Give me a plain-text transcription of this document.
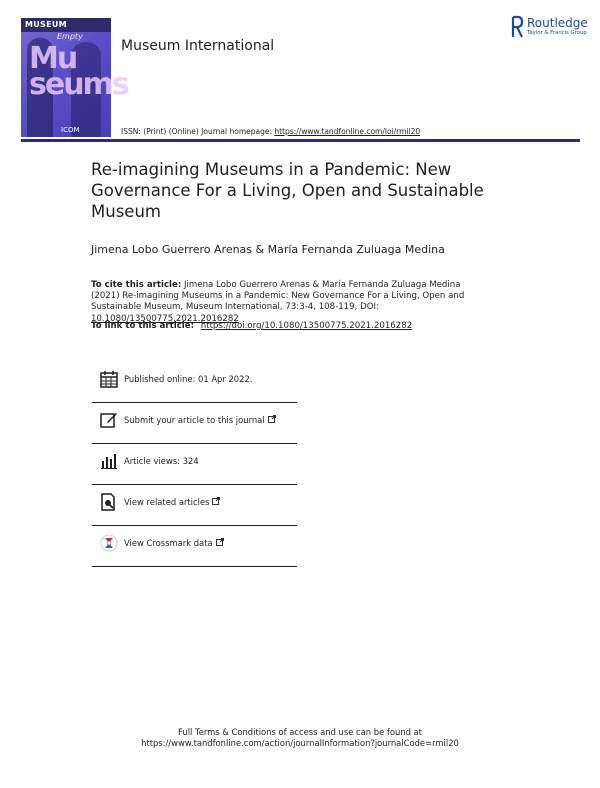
MUSEUM
Empty
Mu seums
ICOM
Museum International
Routledge
Taylor & Francis Group
ISSN: (Print) (Online) Journal homepage: https://www.tandfonline.com/loi/rmil20
Re-imagining Museums in a Pandemic: New Governance For a Living, Open and Sustainable Museum
Jimena Lobo Guerrero Arenas & María Fernanda Zuluaga Medina
To cite this article: Jimena Lobo Guerrero Arenas & María Fernanda Zuluaga Medina (2021) Re-imagining Museums in a Pandemic: New Governance For a Living, Open and Sustainable Museum, Museum International, 73:3-4, 108-119, DOI: 10.1080/13500775.2021.2016282
To link to this article: https://doi.org/10.1080/13500775.2021.2016282
Published online: 01 Apr 2022.
Submit your article to this journal
Article views: 324
View related articles
View Crossmark data
Full Terms & Conditions of access and use can be found at
https://www.tandfonline.com/action/journalInformation?journalCode=rmil20
